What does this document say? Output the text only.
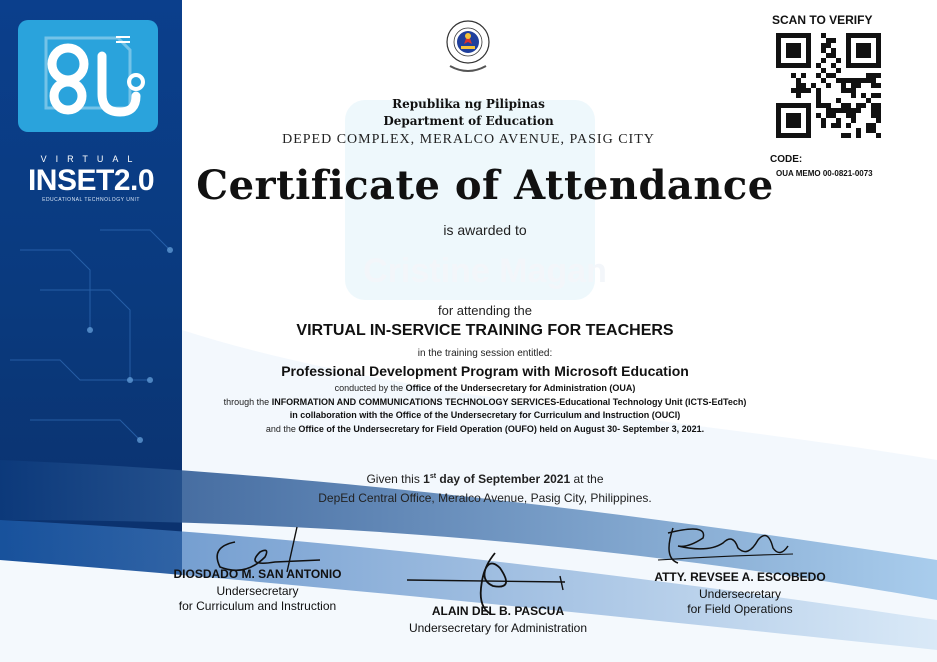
VIRTUAL
INSET2.0
EDUCATIONAL TECHNOLOGY UNIT
Republika ng Pilipinas
Department of Education
DEPED COMPLEX, MERALCO AVENUE, PASIG CITY
Certificate of Attendance
is awarded to
Cristine Magan
for attending the
VIRTUAL IN-SERVICE TRAINING FOR TEACHERS
in the training session entitled:
Professional Development Program with Microsoft Education
conducted by the Office of the Undersecretary for Administration (OUA)
through the INFORMATION AND COMMUNICATIONS TECHNOLOGY SERVICES-Educational Technology Unit (ICTS-EdTech)
in collaboration with the Office of the Undersecretary for Curriculum and Instruction (OUCI)
and the Office of the Undersecretary for Field Operation (OUFO) held on August 30- September 3, 2021.
Given this 1st day of September 2021 at the
DepEd Central Office, Meralco Avenue, Pasig City, Philippines.
SCAN TO VERIFY
CODE:
OUA MEMO 00-0821-0073
DIOSDADO M. SAN ANTONIO
Undersecretary
for Curriculum and Instruction	ALAIN DEL B. PASCUA
Undersecretary for Administration
ATTY. REVSEE A. ESCOBEDO
Undersecretary
for Field Operations
